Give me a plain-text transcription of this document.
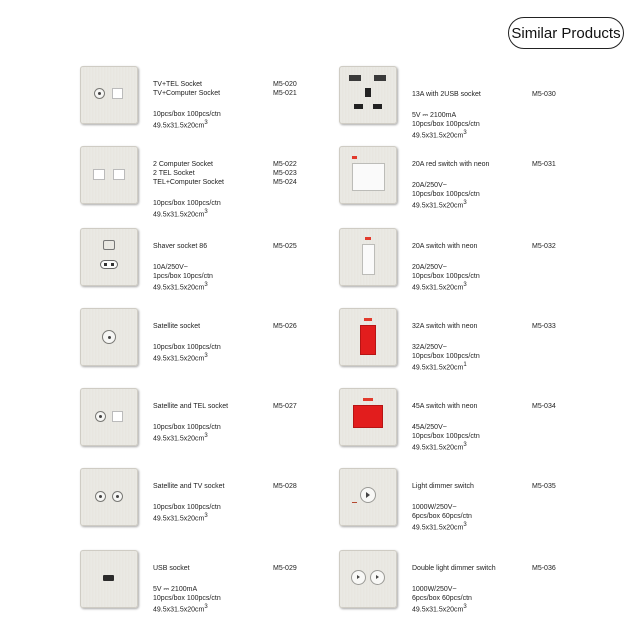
Similar Products
TV+TEL Socket
TV+Computer Socket
10pcs/box 100pcs/ctn
$49.5x31.5x20cm^3$
M5-020
M5-021
2 Computer Socket
2 TEL Socket
TEL+Computer Socket
10pcs/box 100pcs/ctn
$49.5x31.5x20cm^3$
M5-022
M5-023
M5-024
Shaver socket 86
10A/250V~
1pcs/box 10pcs/ctn
$49.5x31.5x20cm^3$
M5-025
Satellite socket
10pcs/box 100pcs/ctn
$49.5x31.5x20cm^3$
M5-026
Satellite and TEL socket
10pcs/box 100pcs/ctn
$49.5x31.5x20cm^3$
M5-027
Satellite and TV socket
10pcs/box 100pcs/ctn
$49.5x31.5x20cm^3$
M5-028
USB socket
5V ⎓ 2100mA
10pcs/box 100pcs/ctn
$49.5x31.5x20cm^3$
M5-029
13A with 2USB socket
5V ⎓ 2100mA
10pcs/box 100pcs/ctn
$49.5x31.5x20cm^3$
M5-030
20A red switch with neon
20A/250V~
10pcs/box 100pcs/ctn
$49.5x31.5x20cm^3$
M5-031
20A switch with neon
20A/250V~
10pcs/box 100pcs/ctn
$49.5x31.5x20cm^3$
M5-032
32A switch with neon
32A/250V~
10pcs/box 100pcs/ctn
$49.5x31.5x20cm^1$
M5-033
45A switch with neon
45A/250V~
10pcs/box 100pcs/ctn
$49.5x31.5x20cm^3$
M5-034
Light dimmer switch
1000W/250V~
6pcs/box 60pcs/ctn
$49.5x31.5x20cm^3$
M5-035
Double light dimmer switch
1000W/250V~
6pcs/box 60pcs/ctn
$49.5x31.5x20cm^3$
M5-036
